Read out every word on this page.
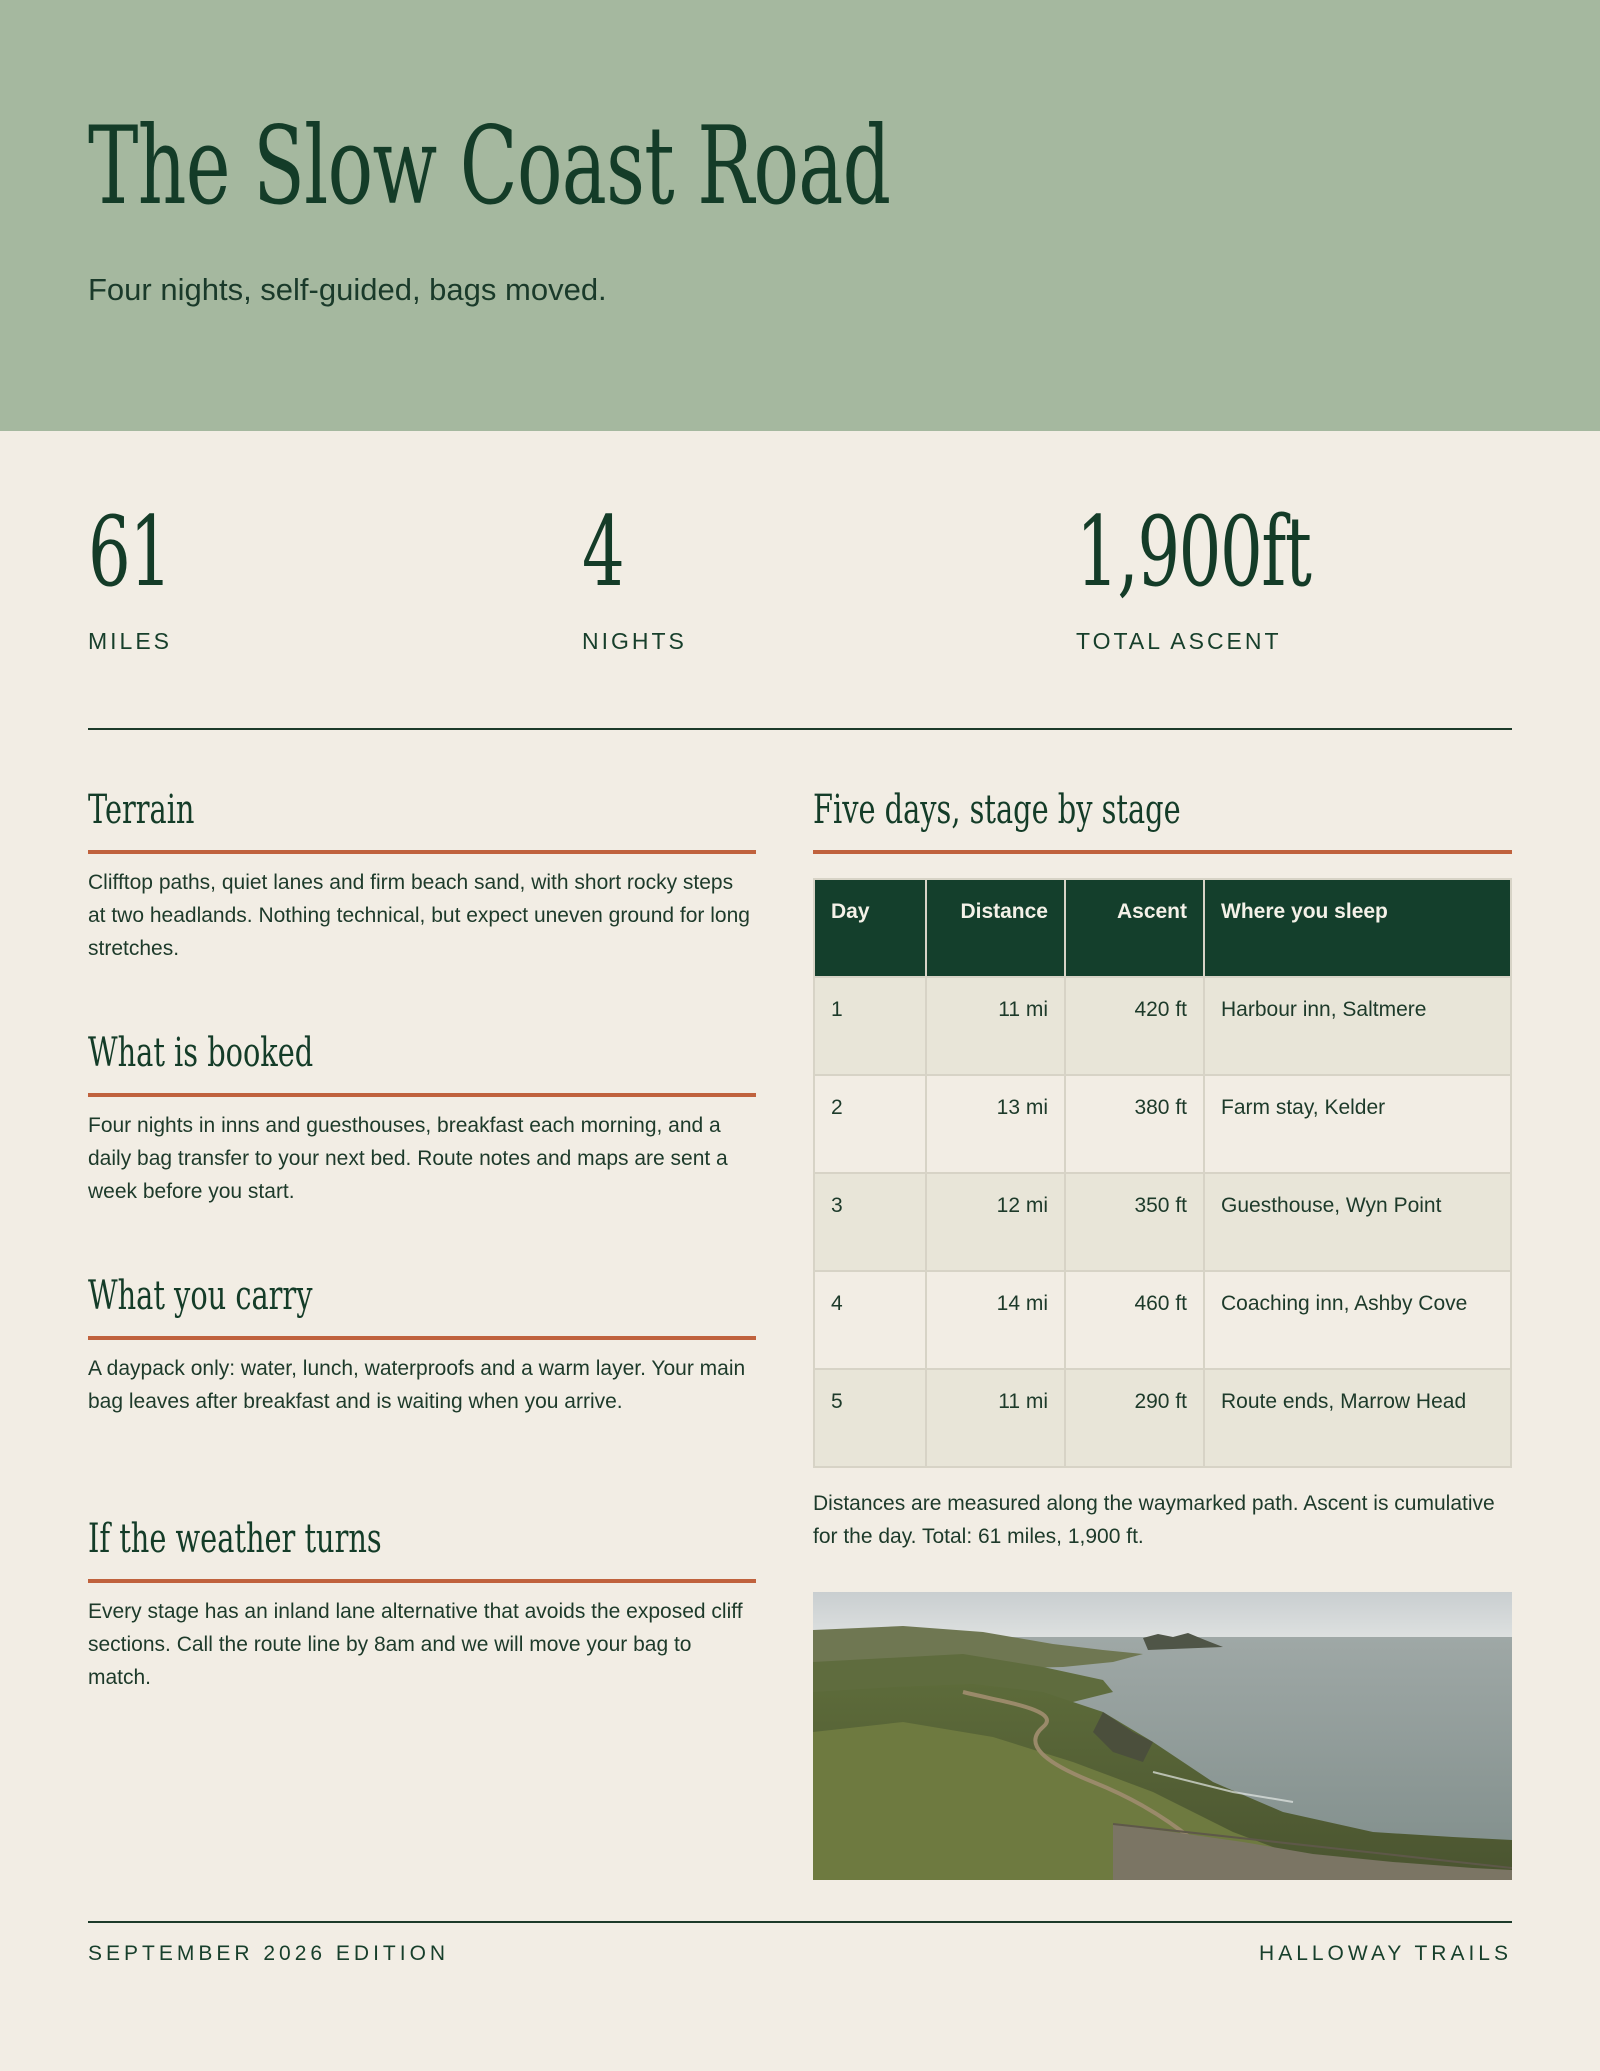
The Slow Coast Road
Four nights, self-guided, bags moved.
61
MILES
4
NIGHTS
1,900ft
TOTAL ASCENT
Terrain

Clifftop paths, quiet lanes and firm beach sand, with short rocky steps at two headlands. Nothing technical, but expect uneven ground for long stretches.

What is booked

Four nights in inns and guesthouses, breakfast each morning, and a daily bag transfer to your next bed. Route notes and maps are sent a week before you start.

What you carry

A daypack only: water, lunch, waterproofs and a warm layer. Your main bag leaves after breakfast and is waiting when you arrive.

If the weather turns

Every stage has an inland lane alternative that avoids the exposed cliff sections. Call the route line by 8am and we will move your bag to match.

Five days, stage by stage
Day	Distance	Ascent	Where you sleep
1	11 mi	420 ft	Harbour inn, Saltmere
2	13 mi	380 ft	Farm stay, Kelder
3	12 mi	350 ft	Guesthouse, Wyn Point
4	14 mi	460 ft	Coaching inn, Ashby Cove
5	11 mi	290 ft	Route ends, Marrow Head
Distances are measured along the waymarked path. Ascent is cumulative for the day. Total: 61 miles, 1,900 ft.
SEPTEMBER 2026 EDITION	HALLOWAY TRAILS
